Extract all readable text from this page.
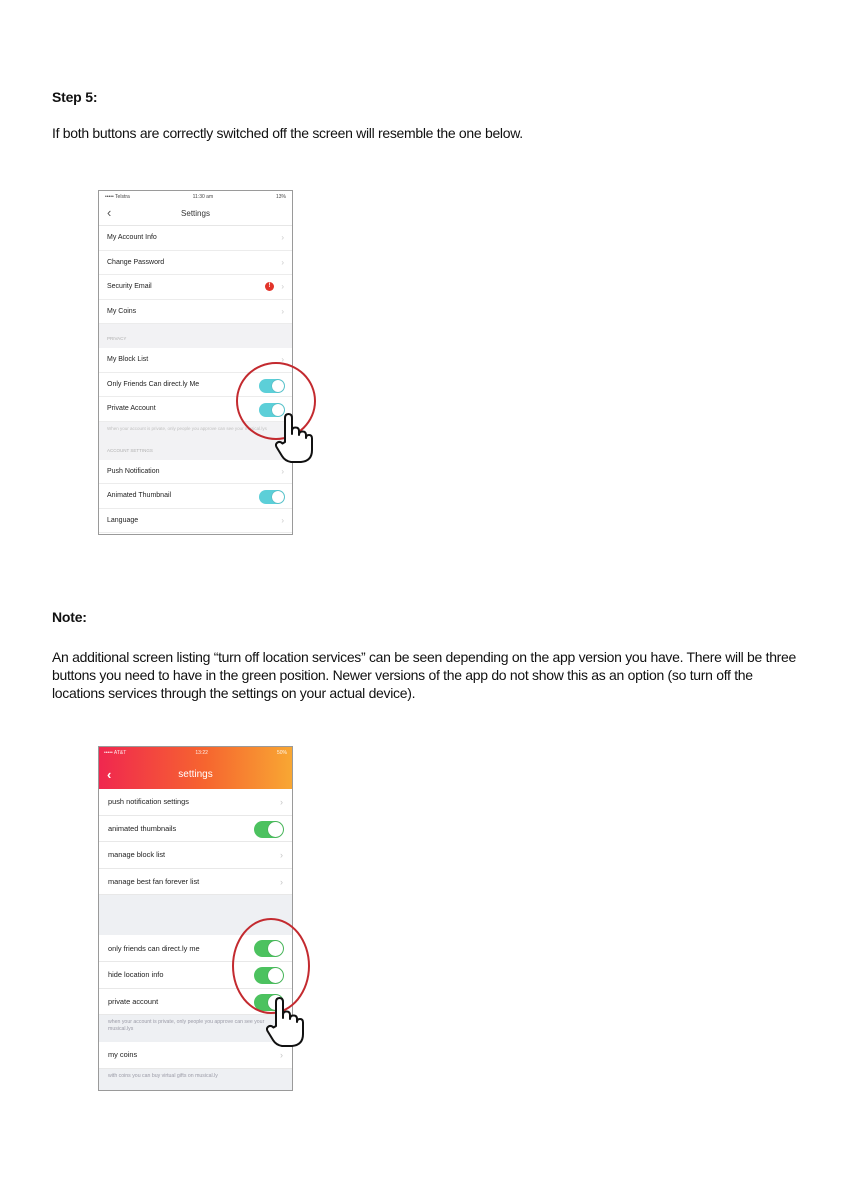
Step 5:
If both buttons are correctly switched off the screen will resemble the one below.
••••• Telstra	11:30 am	13%
‹	Settings
My Account Info	›
Change Password	›
Security Email	!	›
My Coins	›
PRIVACY
My Block List	›
Only Friends Can direct.ly Me
Private Account
When your account is private, only people you approve can see your musical.lys
ACCOUNT SETTINGS
Push Notification	›
Animated Thumbnail
Language	›
Note:
An additional screen listing “turn off location services” can be seen depending on the app version you have. There will be three buttons you need to have in the green position. Newer versions of the app do not show this as an option (so turn off the locations services through the settings on your actual device).
••••• AT&T	13:22	50%
‹	settings
push notification settings	›
animated thumbnails
manage block list	›
manage best fan forever list	›
only friends can direct.ly me
hide location info
private account
when your account is private, only people you approve can see your musical.lys
my coins	›
with coins you can buy virtual gifts on musical.ly
